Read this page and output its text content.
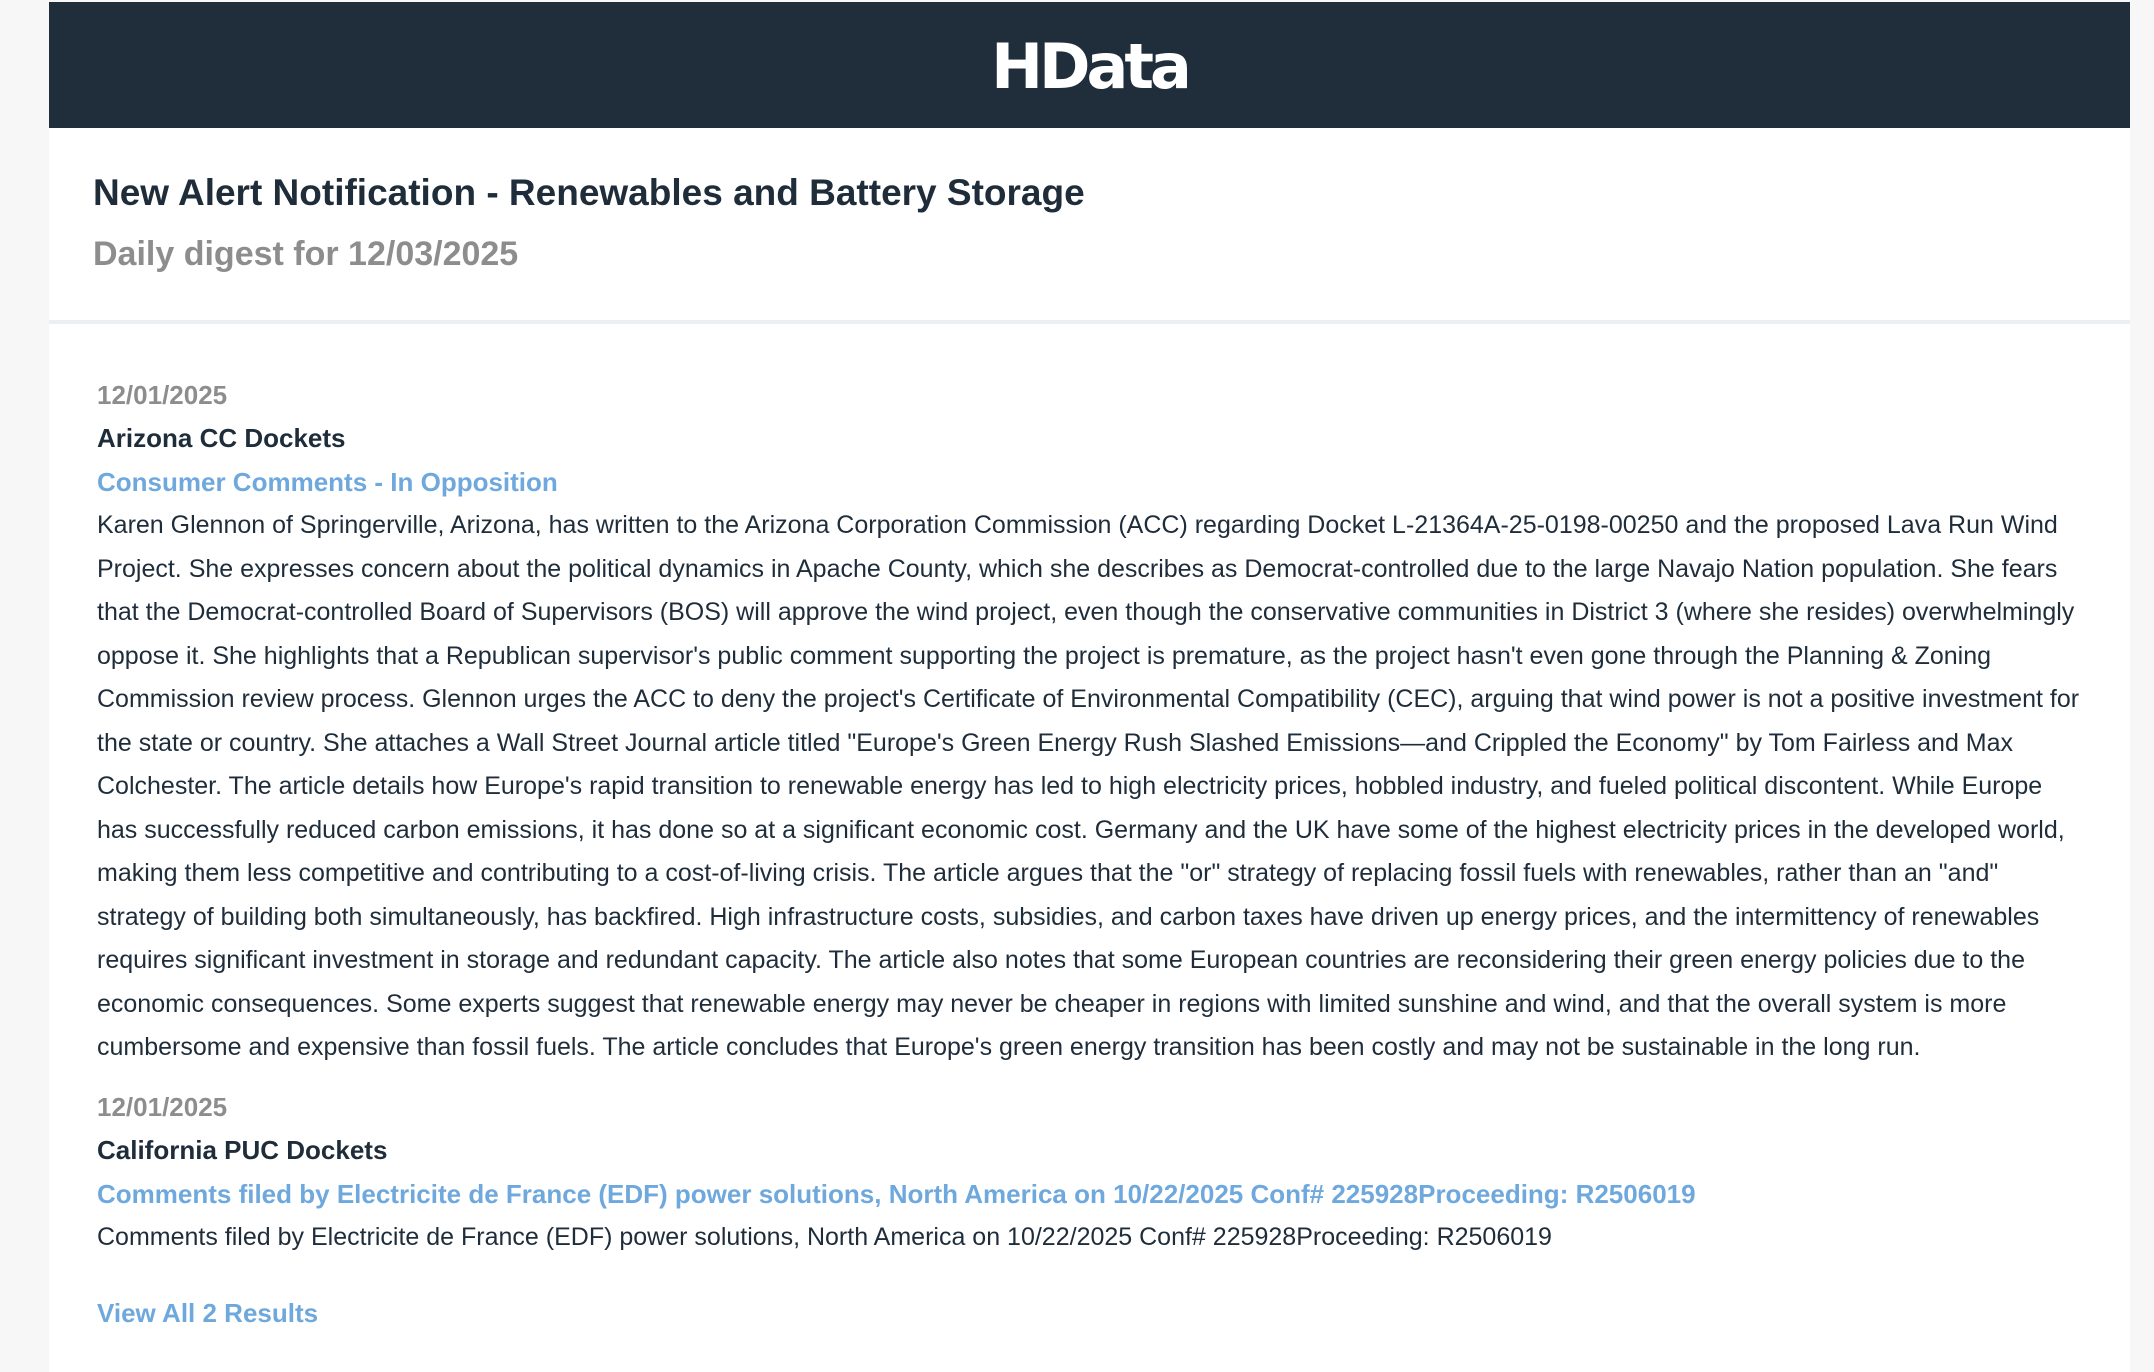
HData
New Alert Notification - Renewables and Battery Storage
Daily digest for 12/03/2025
12/01/2025
Arizona CC Dockets
Consumer Comments - In Opposition

Karen Glennon of Springerville, Arizona, has written to the Arizona Corporation Commission (ACC) regarding Docket L-21364A-25-0198-00250 and the proposed Lava Run Wind Project. She expresses concern about the political dynamics in Apache County, which she describes as Democrat-controlled due to the large Navajo Nation population. She fears that the Democrat-controlled Board of Supervisors (BOS) will approve the wind project, even though the conservative communities in District 3 (where she resides) overwhelmingly oppose it. She highlights that a Republican supervisor's public comment supporting the project is premature, as the project hasn't even gone through the Planning & Zoning Commission review process. Glennon urges the ACC to deny the project's Certificate of Environmental Compatibility (CEC), arguing that wind power is not a positive investment for the state or country. She attaches a Wall Street Journal article titled "Europe's Green Energy Rush Slashed Emissions—and Crippled the Economy" by Tom Fairless and Max Colchester. The article details how Europe's rapid transition to renewable energy has led to high electricity prices, hobbled industry, and fueled political discontent. While Europe has successfully reduced carbon emissions, it has done so at a significant economic cost. Germany and the UK have some of the highest electricity prices in the developed world, making them less competitive and contributing to a cost-of-living crisis. The article argues that the "or" strategy of replacing fossil fuels with renewables, rather than an "and" strategy of building both simultaneously, has backfired. High infrastructure costs, subsidies, and carbon taxes have driven up energy prices, and the intermittency of renewables requires significant investment in storage and redundant capacity. The article also notes that some European countries are reconsidering their green energy policies due to the economic consequences. Some experts suggest that renewable energy may never be cheaper in regions with limited sunshine and wind, and that the overall system is more cumbersome and expensive than fossil fuels. The article concludes that Europe's green energy transition has been costly and may not be sustainable in the long run.

12/01/2025
California PUC Dockets
Comments filed by Electricite de France (EDF) power solutions, North America on 10/22/2025 Conf# 225928Proceeding: R2506019

Comments filed by Electricite de France (EDF) power solutions, North America on 10/22/2025 Conf# 225928Proceeding: R2506019

View All 2 Results
